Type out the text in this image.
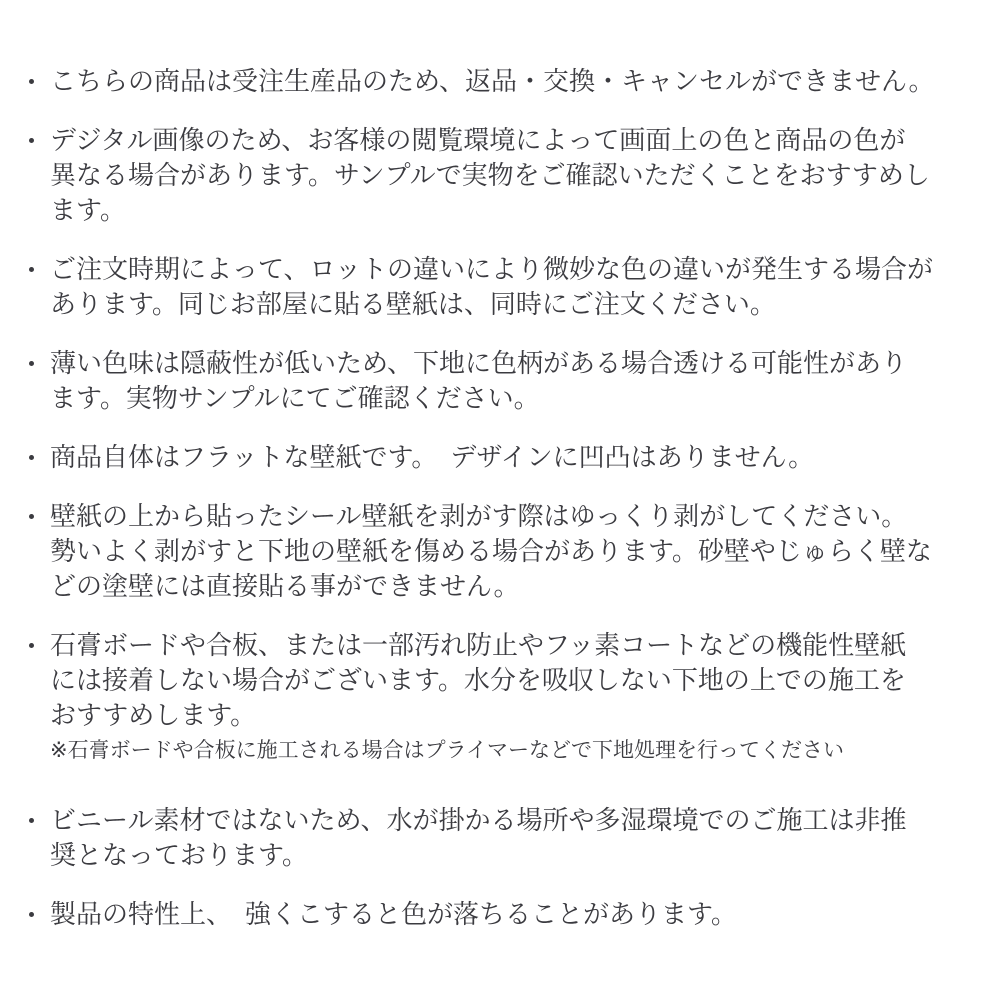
こちらの商品は受注生産品のため、返品・交換・キャンセルができません。
デジタル画像のため、お客様の閲覧環境によって画面上の色と商品の色が
異なる場合があります。サンプルで実物をご確認いただくことをおすすめし
ます。
ご注文時期によって、ロットの違いにより微妙な色の違いが発生する場合が
あります。同じお部屋に貼る壁紙は、同時にご注文ください。
薄い色味は隠蔽性が低いため、下地に色柄がある場合透ける可能性があり
ます。実物サンプルにてご確認ください。
商品自体はフラットな壁紙です。　デザインに凹凸はありません。
壁紙の上から貼ったシール壁紙を剥がす際はゆっくり剥がしてください。
勢いよく剥がすと下地の壁紙を傷める場合があります。砂壁やじゅらく壁な
どの塗壁には直接貼る事ができません。
石膏ボードや合板、または一部汚れ防止やフッ素コートなどの機能性壁紙
には接着しない場合がございます。水分を吸収しない下地の上での施工を
おすすめします。
※石膏ボードや合板に施工される場合はプライマーなどで下地処理を行ってください
ビニール素材ではないため、水が掛かる場所や多湿環境でのご施工は非推
奨となっております。
製品の特性上、　強くこすると色が落ちることがあります。
